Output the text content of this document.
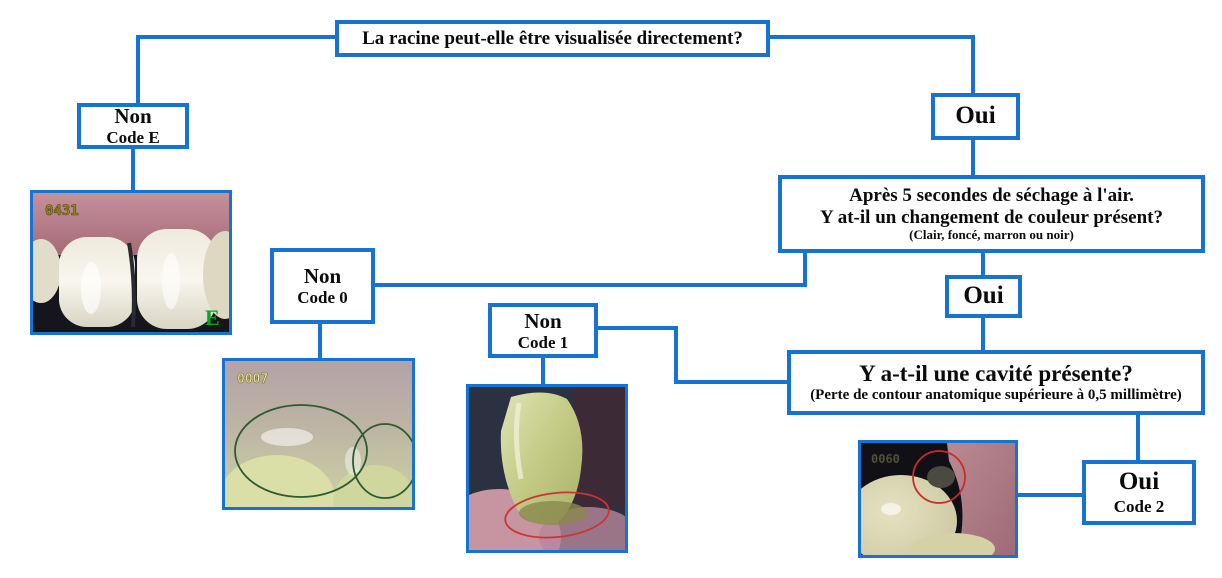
La racine peut-elle être visualisée directement?
Non
Code E
Oui
Après 5 secondes de séchage à l'air.
Y at-il un changement de couleur présent?
(Clair, foncé, marron ou noir)
Non
Code 0	Oui
Non
Code 1
Y a-t-il une cavité présente?
(Perte de contour anatomique supérieure à 0,5 millimètre)
Oui
Code 2
0431
E
0007
0060
